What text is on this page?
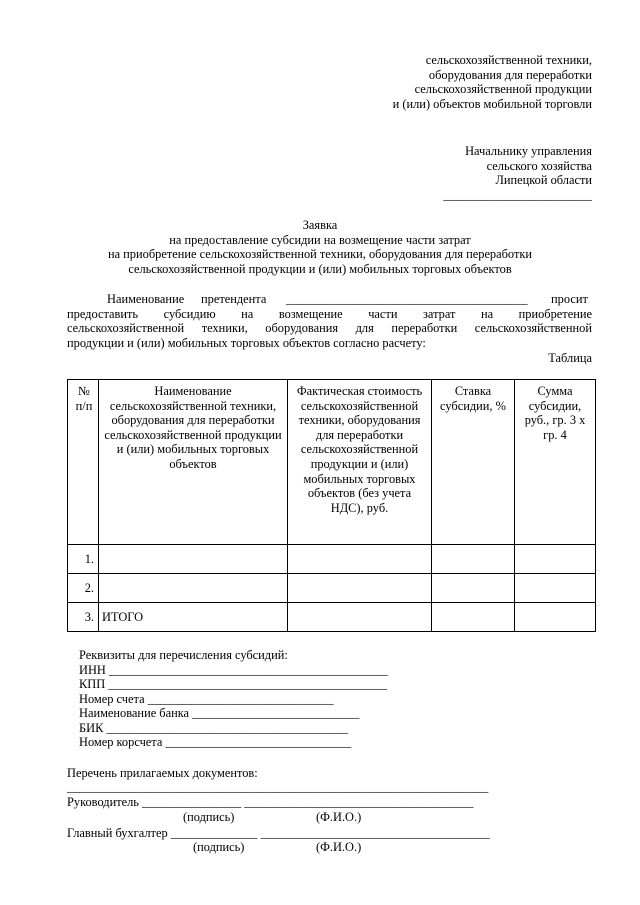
сельскохозяйственной техники,
оборудования для переработки
сельскохозяйственной продукции
и (или) объектов мобильной торговли
Начальнику управления
сельского хозяйства
Липецкой области
________________________
Заявка
на предоставление субсидии на возмещение части затрат
на приобретение сельскохозяйственной техники, оборудования для переработки
сельскохозяйственной продукции и (или) мобильных торговых объектов
Наименование претендента _______________________________________ просит
предоставить субсидию на возмещение части затрат на приобретение
сельскохозяйственной техники, оборудования для переработки сельскохозяйственной
продукции и (или) мобильных торговых объектов согласно расчету:
Таблица
№ п/п	Наименование сельскохозяйственной техники, оборудования для переработки сельскохозяйственной продукции и (или) мобильных торговых объектов	Фактическая стоимость сельскохозяйственной техники, оборудования для переработки сельскохозяйственной продукции и (или) мобильных торговых объектов (без учета НДС), руб.	Ставка субсидии, %	Сумма субсидии, руб., гр. 3 х гр. 4
1.				
2.				
3.	ИТОГО			
Реквизиты для перечисления субсидий:
ИНН _____________________________________________
КПП _____________________________________________
Номер счета ______________________________
Наименование банка ___________________________
БИК _______________________________________
Номер корсчета ______________________________
Перечень прилагаемых документов:
____________________________________________________________________
Руководитель ________________ _____________________________________
(подпись)	(Ф.И.О.)
Главный бухгалтер ______________ _____________________________________
(подпись)	(Ф.И.О.)
